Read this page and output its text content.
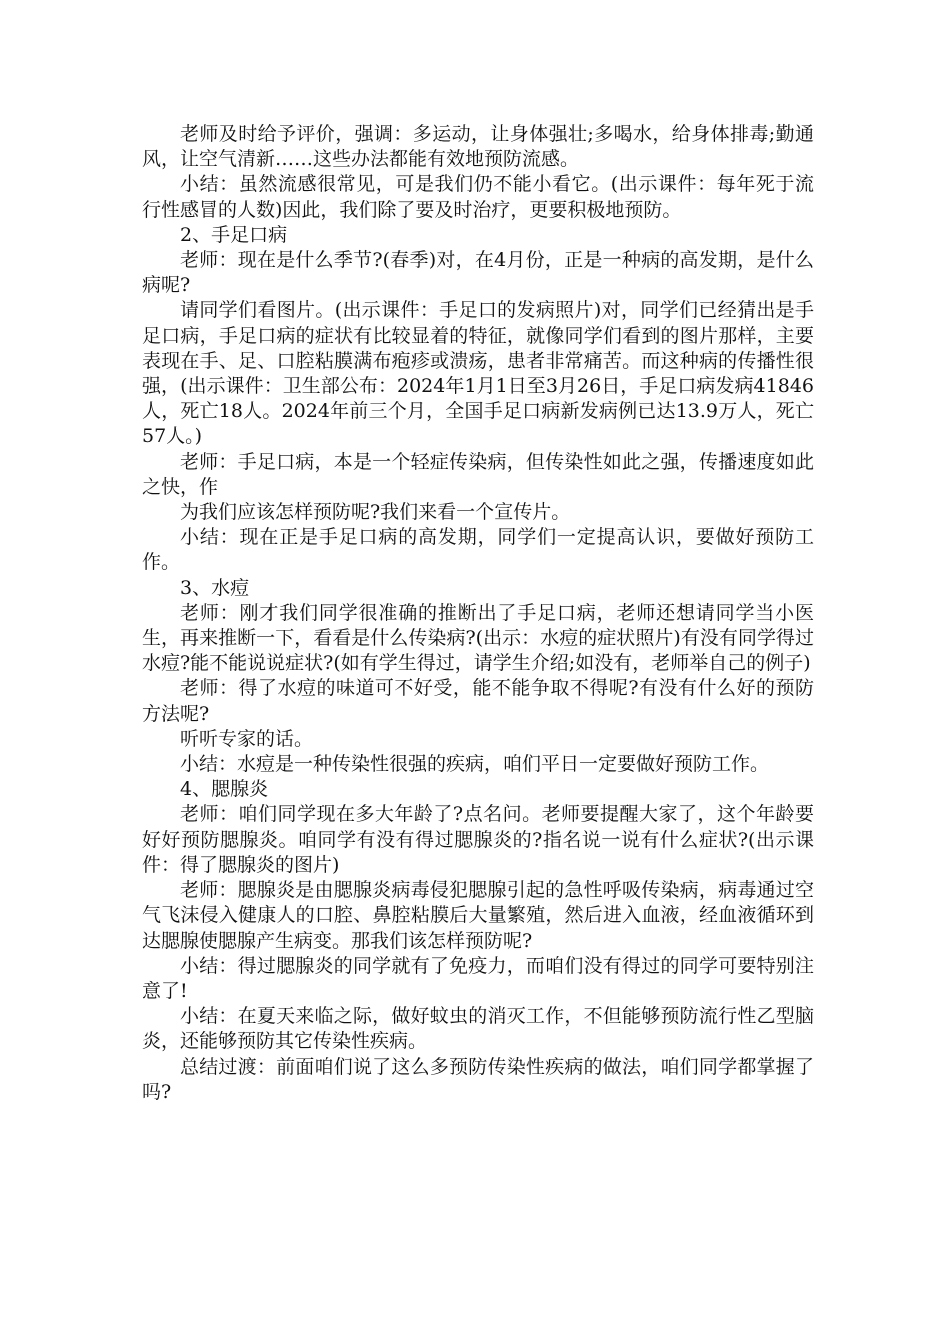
老师及时给予评价，强调：多运动，让身体强壮;多喝水，给身体排毒;勤通风，让空气清新……这些办法都能有效地预防流感。

小结：虽然流感很常见，可是我们仍不能小看它。(出示课件：每年死于流行性感冒的人数)因此，我们除了要及时治疗，更要积极地预防。

2、手足口病

老师：现在是什么季节?(春季)对，在4月份，正是一种病的高发期，是什么病呢?

请同学们看图片。(出示课件：手足口的发病照片)对，同学们已经猜出是手足口病，手足口病的症状有比较显着的特征，就像同学们看到的图片那样，主要表现在手、足、口腔粘膜满布疱疹或溃疡，患者非常痛苦。而这种病的传播性很强，(出示课件：卫生部公布：2024年1月1日至3月26日，手足口病发病41846人，死亡18人。2024年前三个月，全国手足口病新发病例已达13.9万人，死亡57人。)

老师：手足口病，本是一个轻症传染病，但传染性如此之强，传播速度如此之快，作

为我们应该怎样预防呢?我们来看一个宣传片。

小结：现在正是手足口病的高发期，同学们一定提高认识，要做好预防工作。

3、水痘

老师：刚才我们同学很准确的推断出了手足口病，老师还想请同学当小医生，再来推断一下，看看是什么传染病?(出示：水痘的症状照片)有没有同学得过水痘?能不能说说症状?(如有学生得过，请学生介绍;如没有，老师举自己的例子)

老师：得了水痘的味道可不好受，能不能争取不得呢?有没有什么好的预防方法呢?

听听专家的话。

小结：水痘是一种传染性很强的疾病，咱们平日一定要做好预防工作。

4、腮腺炎

老师：咱们同学现在多大年龄了?点名问。老师要提醒大家了，这个年龄要好好预防腮腺炎。咱同学有没有得过腮腺炎的?指名说一说有什么症状?(出示课件：得了腮腺炎的图片)

老师：腮腺炎是由腮腺炎病毒侵犯腮腺引起的急性呼吸传染病，病毒通过空气飞沫侵入健康人的口腔、鼻腔粘膜后大量繁殖，然后进入血液，经血液循环到达腮腺使腮腺产生病变。那我们该怎样预防呢?

小结：得过腮腺炎的同学就有了免疫力，而咱们没有得过的同学可要特别注意了!

小结：在夏天来临之际，做好蚊虫的消灭工作，不但能够预防流行性乙型脑炎，还能够预防其它传染性疾病。

总结过渡：前面咱们说了这么多预防传染性疾病的做法，咱们同学都掌握了吗?
